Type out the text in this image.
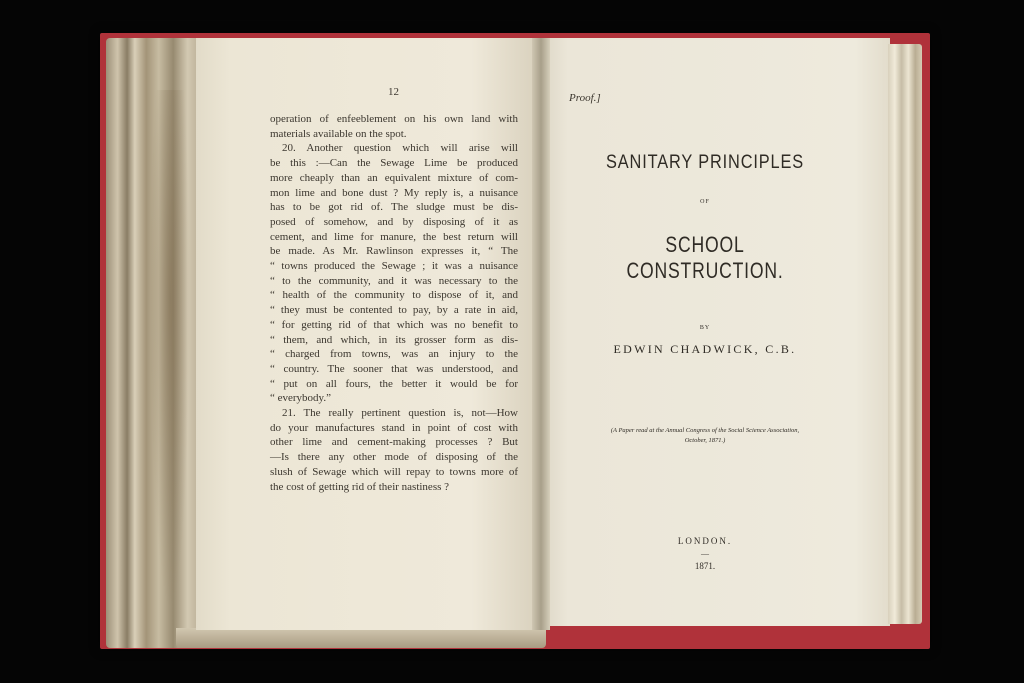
12
operation of enfeeblement on his own land with
materials available on the spot.
20. Another question which will arise will
be this :—Can the Sewage Lime be produced
more cheaply than an equivalent mixture of com-
mon lime and bone dust ? My reply is, a nuisance
has to be got rid of. The sludge must be dis-
posed of somehow, and by disposing of it as
cement, and lime for manure, the best return will
be made. As Mr. Rawlinson expresses it, “ The
“ towns produced the Sewage ; it was a nuisance
“ to the community, and it was necessary to the
“ health of the community to dispose of it, and
“ they must be contented to pay, by a rate in aid,
“ for getting rid of that which was no benefit to
“ them, and which, in its grosser form as dis-
“ charged from towns, was an injury to the
“ country. The sooner that was understood, and
“ put on all fours, the better it would be for
“ everybody.”
21. The really pertinent question is, not—How
do your manufactures stand in point of cost with
other lime and cement-making processes ? But
—Is there any other mode of disposing of the
slush of Sewage which will repay to towns more of
the cost of getting rid of their nastiness ?
Proof.]
SANITARY PRINCIPLES
OF
SCHOOL CONSTRUCTION.
BY
EDWIN CHADWICK, C.B.
(A Paper read at the Annual Congress of the Social Science Association,
October, 1871.)
LONDON.
—
1871.
